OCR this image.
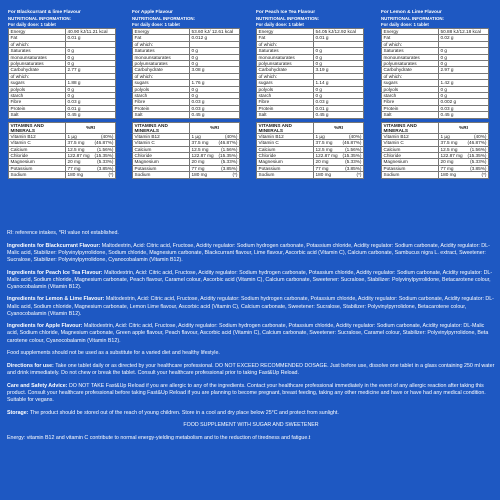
For Blackcurrant & lime Flavour
NUTRITIONAL INFORMATION:
For daily dose: 1 tablet
Energy	40.90 kJ/11.21 kcal
Fat	0.01 g
of which:	
Saturates	0 g
monounsaturates	0 g
polyunsaturates	0 g
Carbohydrate	2.77 g
of which:	
sugars	1.88 g
polyols	0 g
starch	0 g
Fibre	0.03 g
Protein	0.01 g
Salt	0.45 g
VITAMINS AND MINERALS	%RI
Vitamin B12	1 µg (40%)

Vitamin C	37.5 mg (46.87%)

Calcium	12.5 mg (1.56%)

Chloride	122.87 mg (15.35%)

Magnesium	20 mg (5.33%)

Potassium	77 mg (3.85%)

Sodium	180 mg (*)
For Apple Flavour
NUTRITIONAL INFORMATION:
For daily dose: 1 tablet
Energy	53.60 kJ/ 12.61 kcal
Fat	0.012 g
of which:	
Saturates	0 g
monounsaturates	0 g
polyunsaturates	0 g
Carbohydrate	3.08 g
of which:	
sugars	1.76 g
polyols	0 g
starch	0 g
Fibre	0.03 g
Protein	0.03 g
Salt	0.45 g
VITAMINS AND MINERALS	%RI
Vitamin B12	1 µg (40%)

Vitamin C	37.5 mg (46.87%)

Calcium	12.5 mg (1.56%)

Chloride	122.87 mg (15.35%)

Magnesium	20 mg (5.33%)

Potassium	77 mg (3.85%)

Sodium	180 mg (*)
For Peach Ice Tea Flavour
NUTRITIONAL INFORMATION:
For daily dose: 1 tablet
Energy	54.05 kJ/12.92 kcal
Fat	0.01 g
of which:	
Saturates	0 g
monounsaturates	0 g
polyunsaturates	0 g
Carbohydrate	3.19 g
of which:	
sugars	1.14 g
polyols	0 g
starch	0 g
Fibre	0.03 g
Protein	0.01 g
Salt	0.45 g
VITAMINS AND MINERALS	%RI
Vitamin B12	1 µg (40%)

Vitamin C	37.5 mg (46.87%)

Calcium	12.5 mg (1.56%)

Chloride	122.87 mg (15.35%)

Magnesium	20 mg (5.33%)

Potassium	77 mg (3.85%)

Sodium	180 mg (*)
For Lemon & Lime Flavour
NUTRITIONAL INFORMATION:
For daily dose: 1 tablet
Energy	50.88 kJ/12.18 kcal
Fat	0.02 g
of which:	
Saturates	0 g
monounsaturates	0 g
polyunsaturates	0 g
Carbohydrate	2.97 g
of which:	
sugars	1.42 g
polyols	0 g
starch	0 g
Fibre	0.002 g
Protein	0.03 g
Salt	0.45 g
VITAMINS AND MINERALS	%RI
Vitamin B12	1 µg (40%)

Vitamin C	37.5 mg (46.87%)

Calcium	12.5 mg (1.56%)

Chloride	122.87 mg (15.35%)

Magnesium	20 mg (5.33%)

Potassium	77 mg (3.85%)

Sodium	180 mg (*)

RI: reference intakes, *RI value not established.

Ingredients for Blackcurrant Flavour: Maltodextrin, Acid: Citric acid, Fructose, Acidity regulator: Sodium hydrogen carbonate, Potassium chloride, Acidity regulator: Sodium carbonate, Acidity regulator: DL-Malic acid, Stabilizer: Polyvinylpyrrolidone, Sodium chloride, Magnesium carbonate, Blackcurrant flavour, Lime flavour, Ascorbic acid (Vitamin C), Calcium carbonate, Sambucus nigra L. extract, Sweetener: Sucralose, Stabilizer: Polyvinylpyrrolidone, Cyanocobalamin (Vitamin B12).

Ingredients for Peach Ice Tea Flavour: Maltodextrin, Acid: Citric acid, Fructose, Acidity regulator: Sodium hydrogen carbonate, Potassium chloride, Acidity regulator: Sodium carbonate, Acidity regulator: DL-Malic acid, Sodium chloride, Magnesium carbonate, Peach flavour, Caramel colour, Ascorbic acid (Vitamin C), Calcium carbonate, Sweetener: Sucralose, Stabilizer: Polyvinylpyrrolidone, Betacarotene colour, Cyanocobalamin (Vitamin B12).

Ingredients for Lemon & Lime Flavour: Maltodextrin, Acid: Citric acid, Fructose, Acidity regulator: Sodium hydrogen carbonate, Potassium chloride, Acidity regulator: Sodium carbonate, Acidity regulator: DL-Malic acid, Sodium chloride, Magnesium carbonate, Lemon Lime flavour, Ascorbic acid (Vitamin C), Calcium carbonate, Sweetener: Sucralose, Stabilizer: Polyvinylpyrrolidone, Betacarotene colour, Cyanocobalamin (Vitamin B12).

Ingredients for Apple Flavour: Maltodextrin, Acid: Citric acid, Fructose, Acidity regulator: Sodium hydrogen carbonate, Potassium chloride, Acidity regulator: Sodium carbonate, Acidity regulator: DL-Malic acid, Sodium chloride, Magnesium carbonate, Green apple flavour, Peach flavour, Ascorbic acid (Vitamin C), Calcium carbonate, Sweetener: Sucralose, Caramel colour, Stabilizer: Polyvinylpyrrolidone, Beta carotene colour, Cyanocobalamin (Vitamin B12).

Food supplements should not be used as a substitute for a varied diet and healthy lifestyle.

Directions for use: Take one tablet daily or as directed by your healthcare professional. DO NOT EXCEED RECOMMENDED DOSAGE. Just before use, dissolve one tablet in a glass containing 250 ml water and drink immediately. Do not chew or break the tablet. Consult your healthcare professional prior to taking Fast&Up Reload.

Care and Safety Advice: DO NOT TAKE Fast&Up Reload if you are allergic to any of the ingredients. Contact your healthcare professional immediately in the event of any allergic reaction after taking this product. Consult your healthcare professional before taking Fast&Up Reload if you are planning to become pregnant, breast feeding, taking any other medicine and have or have had any medical condition. Suitable for vegans.

Storage: The product should be stored out of the reach of young children. Store in a cool and dry place below 25°C and protect from sunlight.

FOOD SUPPLEMENT WITH SUGAR AND SWEETENER

Energy: vitamin B12 and vitamin C contribute to normal energy-yielding metabolism and to the reduction of tiredness and fatigue.t
